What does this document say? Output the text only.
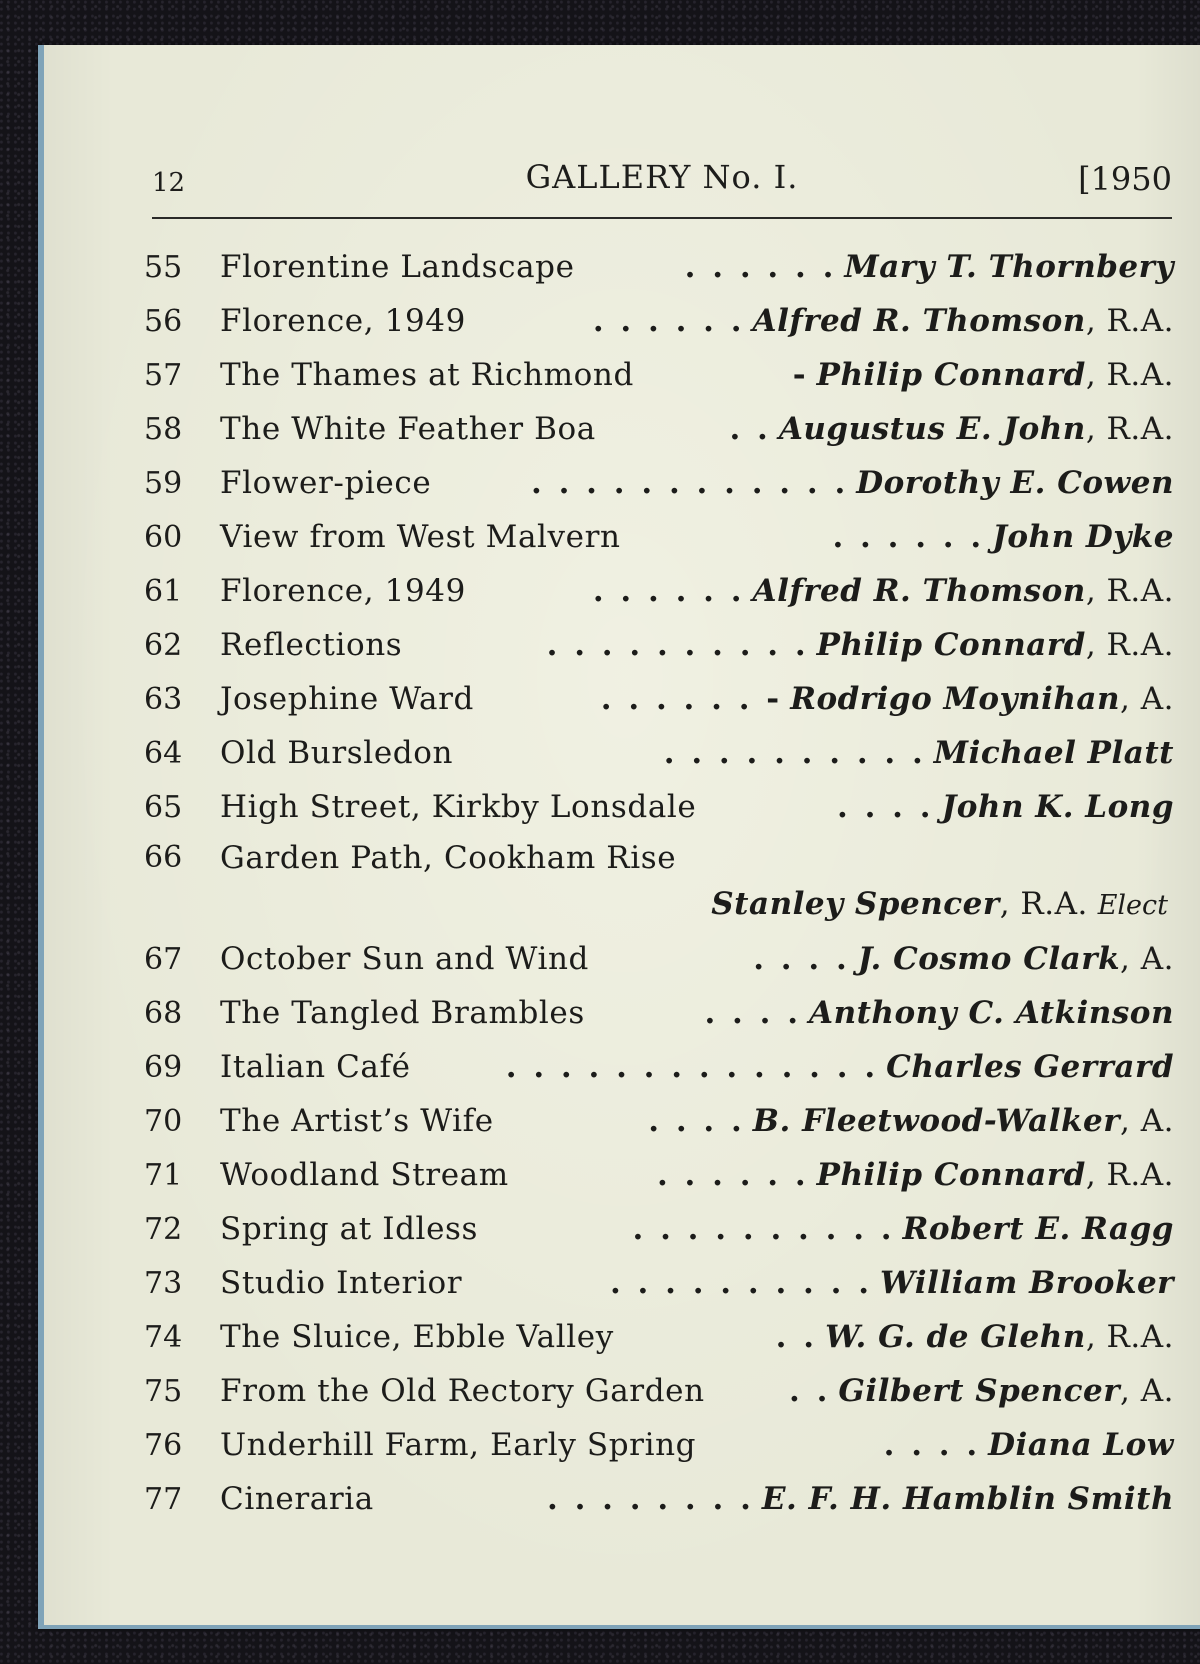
12	GALLERY No. I.	[1950
55	Florentine Landscape	. . . . . . Mary T. Thornbery
56	Florence, 1949	. . . . . . Alfred R. Thomson, R.A.
57	The Thames at Richmond	- Philip Connard, R.A.
58	The White Feather Boa	. . Augustus E. John, R.A.
59	Flower-piece	. . . . . . . . . . . . Dorothy E. Cowen
60	View from West Malvern	. . . . . . John Dyke
61	Florence, 1949	. . . . . . Alfred R. Thomson, R.A.
62	Reflections	. . . . . . . . . . Philip Connard, R.A.
63	Josephine Ward	. . . . . . - Rodrigo Moynihan, A.
64	Old Bursledon	. . . . . . . . . . Michael Platt
65	High Street, Kirkby Lonsdale	. . . . John K. Long
66	Garden Path, Cookham Rise
Stanley Spencer, R.A. Elect
67	October Sun and Wind	. . . . J. Cosmo Clark, A.
68	The Tangled Brambles	. . . . Anthony C. Atkinson
69	Italian Café	. . . . . . . . . . . . . . Charles Gerrard
70	The Artist’s Wife	. . . . B. Fleetwood-Walker, A.
71	Woodland Stream	. . . . . . Philip Connard, R.A.
72	Spring at Idless	. . . . . . . . . . Robert E. Ragg
73	Studio Interior	. . . . . . . . . . William Brooker
74	The Sluice, Ebble Valley	. . W. G. de Glehn, R.A.
75	From the Old Rectory Garden	. . Gilbert Spencer, A.
76	Underhill Farm, Early Spring	. . . . Diana Low
77	Cineraria	. . . . . . . . E. F. H. Hamblin Smith
